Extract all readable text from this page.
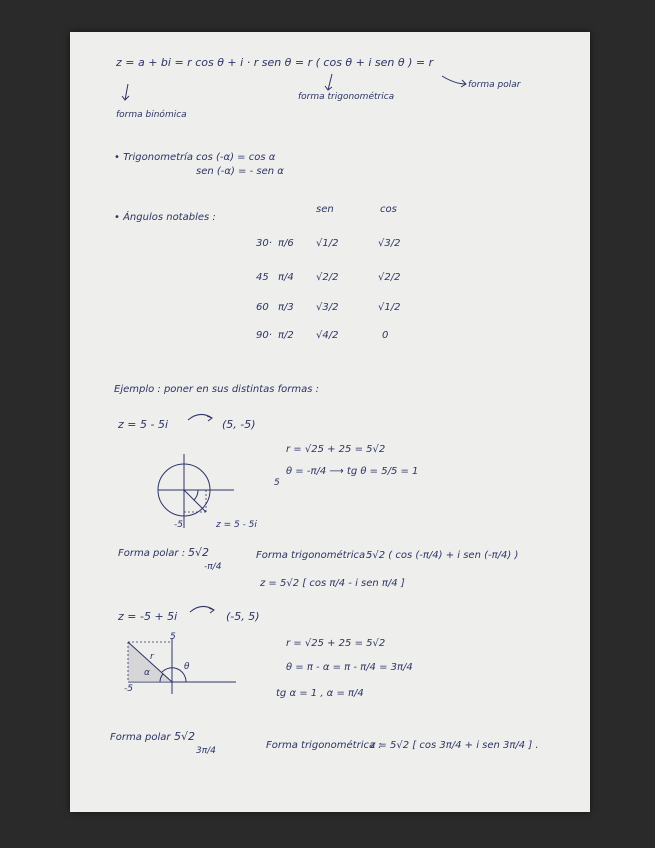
z = a + bi = r cos θ + i · r sen θ = r ( cos θ + i sen θ ) = r
forma binómica
forma trigonométrica
forma polar
• Trigonometría :
cos (-α) = cos α
sen (-α) = - sen α
• Ángulos notables :
sen	cos
30· π/6 √1/2	√3/2
45 π/4 √2/2	√2/2
60 π/3 √3/2	√1/2
90· π/2 √4/2	0
Ejemplo : poner en sus distintas formas :
z = 5 - 5i	(5, -5)
r = √25 + 25 = 5√2
θ = -π/4 ⟶ tg θ = 5/5 = 1
5
-5	z = 5 - 5i
Forma polar : 5√2
-π/4
Forma trigonométrica :
5√2 ( cos (-π/4) + i sen (-π/4) )
z = 5√2 [ cos π/4 - i sen π/4 ]
z = -5 + 5i	(-5, 5)
r = √25 + 25 = 5√2
θ = π - α = π - π/4 = 3π/4
tg α = 1 , α = π/4
5
-5
r
α
θ
Forma polar 5√2
3π/4	Forma trigonométrica :
z = 5√2 [ cos 3π/4 + i sen 3π/4 ] .
